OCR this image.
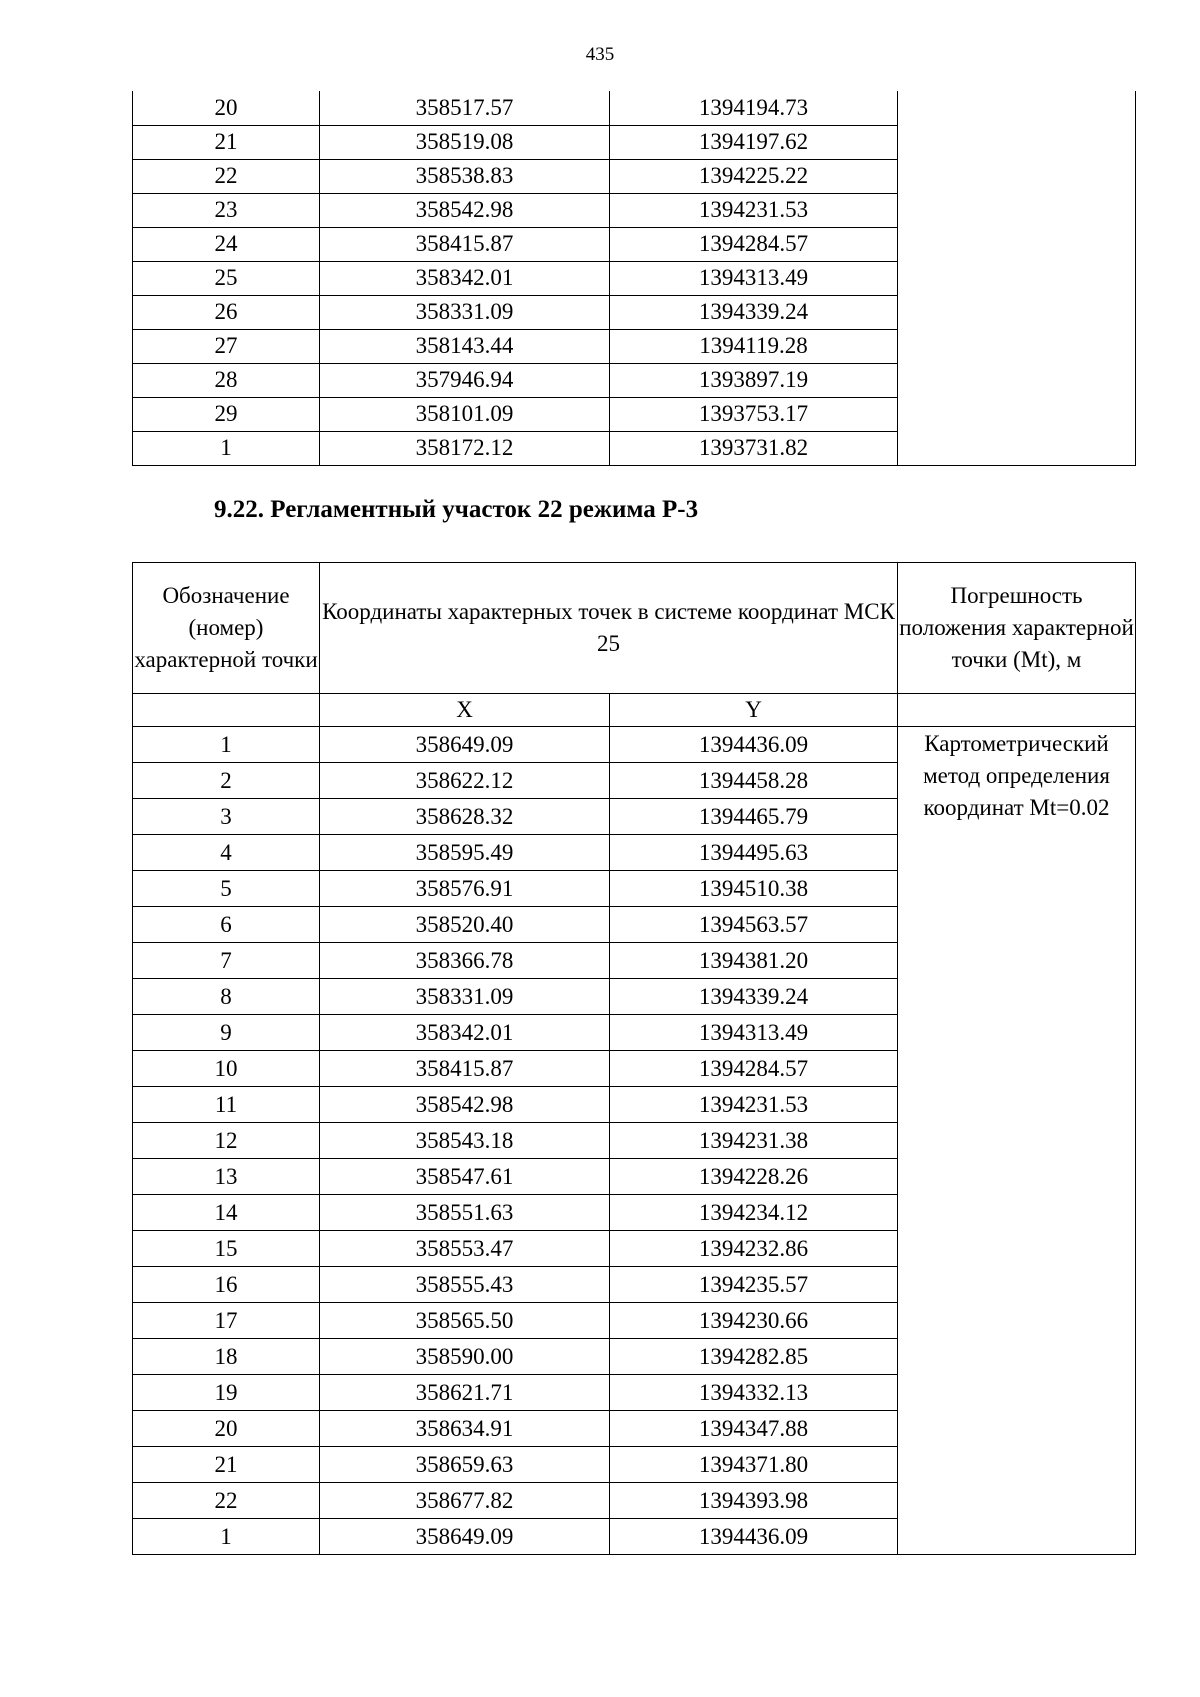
435
20	358517.57	1394194.73	
21	358519.08	1394197.62	
22	358538.83	1394225.22	
23	358542.98	1394231.53	
24	358415.87	1394284.57	
25	358342.01	1394313.49	
26	358331.09	1394339.24	
27	358143.44	1394119.28	
28	357946.94	1393897.19	
29	358101.09	1393753.17	
1	358172.12	1393731.82	
9.22. Регламентный участок 22 режима Р-3
Обозначение (номер) характерной точки	Координаты характерных точек в системе координат МСК 25		Погрешность положения характерной точки (Mt), м
	X	Y	
1	358649.09	1394436.09	Картометрический метод определения координат Mt=0.02
2	358622.12	1394458.28	
3	358628.32	1394465.79	
4	358595.49	1394495.63	
5	358576.91	1394510.38	
6	358520.40	1394563.57	
7	358366.78	1394381.20	
8	358331.09	1394339.24	
9	358342.01	1394313.49	
10	358415.87	1394284.57	
11	358542.98	1394231.53	
12	358543.18	1394231.38	
13	358547.61	1394228.26	
14	358551.63	1394234.12	
15	358553.47	1394232.86	
16	358555.43	1394235.57	
17	358565.50	1394230.66	
18	358590.00	1394282.85	
19	358621.71	1394332.13	
20	358634.91	1394347.88	
21	358659.63	1394371.80	
22	358677.82	1394393.98	
1	358649.09	1394436.09	
